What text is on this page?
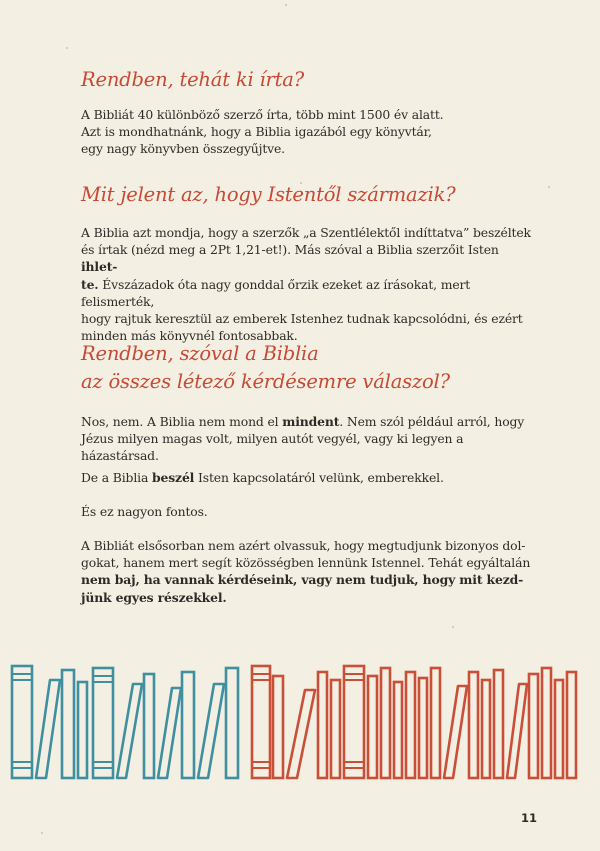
Rendben, tehát ki írta?

A Bibliát 40 különböző szerző írta, több mint 1500 év alatt.
Azt is mondhatnánk, hogy a Biblia igazából egy könyvtár,
egy nagy könyvben összegyűjtve.

Mit jelent az, hogy Istentől származik?

A Biblia azt mondja, hogy a szerzők „a Szentlélektől indíttatva” beszéltek
és írtak (nézd meg a 2Pt 1,21-et!). Más szóval a Biblia szerzőit Isten ihlet-
te. Évszázadok óta nagy gonddal őrzik ezeket az írásokat, mert felismerték,
hogy rajtuk keresztül az emberek Istenhez tudnak kapcsolódni, és ezért
minden más könyvnél fontosabbak.

Rendben, szóval a Biblia
az összes létező kérdésemre válaszol?

Nos, nem. A Biblia nem mond el mindent. Nem szól például arról, hogy
Jézus milyen magas volt, milyen autót vegyél, vagy ki legyen a házastársad.

De a Biblia beszél Isten kapcsolatáról velünk, emberekkel.

És ez nagyon fontos.

A Bibliát elsősorban nem azért olvassuk, hogy megtudjunk bizonyos dol-
gokat, hanem mert segít közösségben lennünk Istennel. Tehát egyáltalán
nem baj, ha vannak kérdéseink, vagy nem tudjuk, hogy mit kezd-
jünk egyes részekkel.

11
